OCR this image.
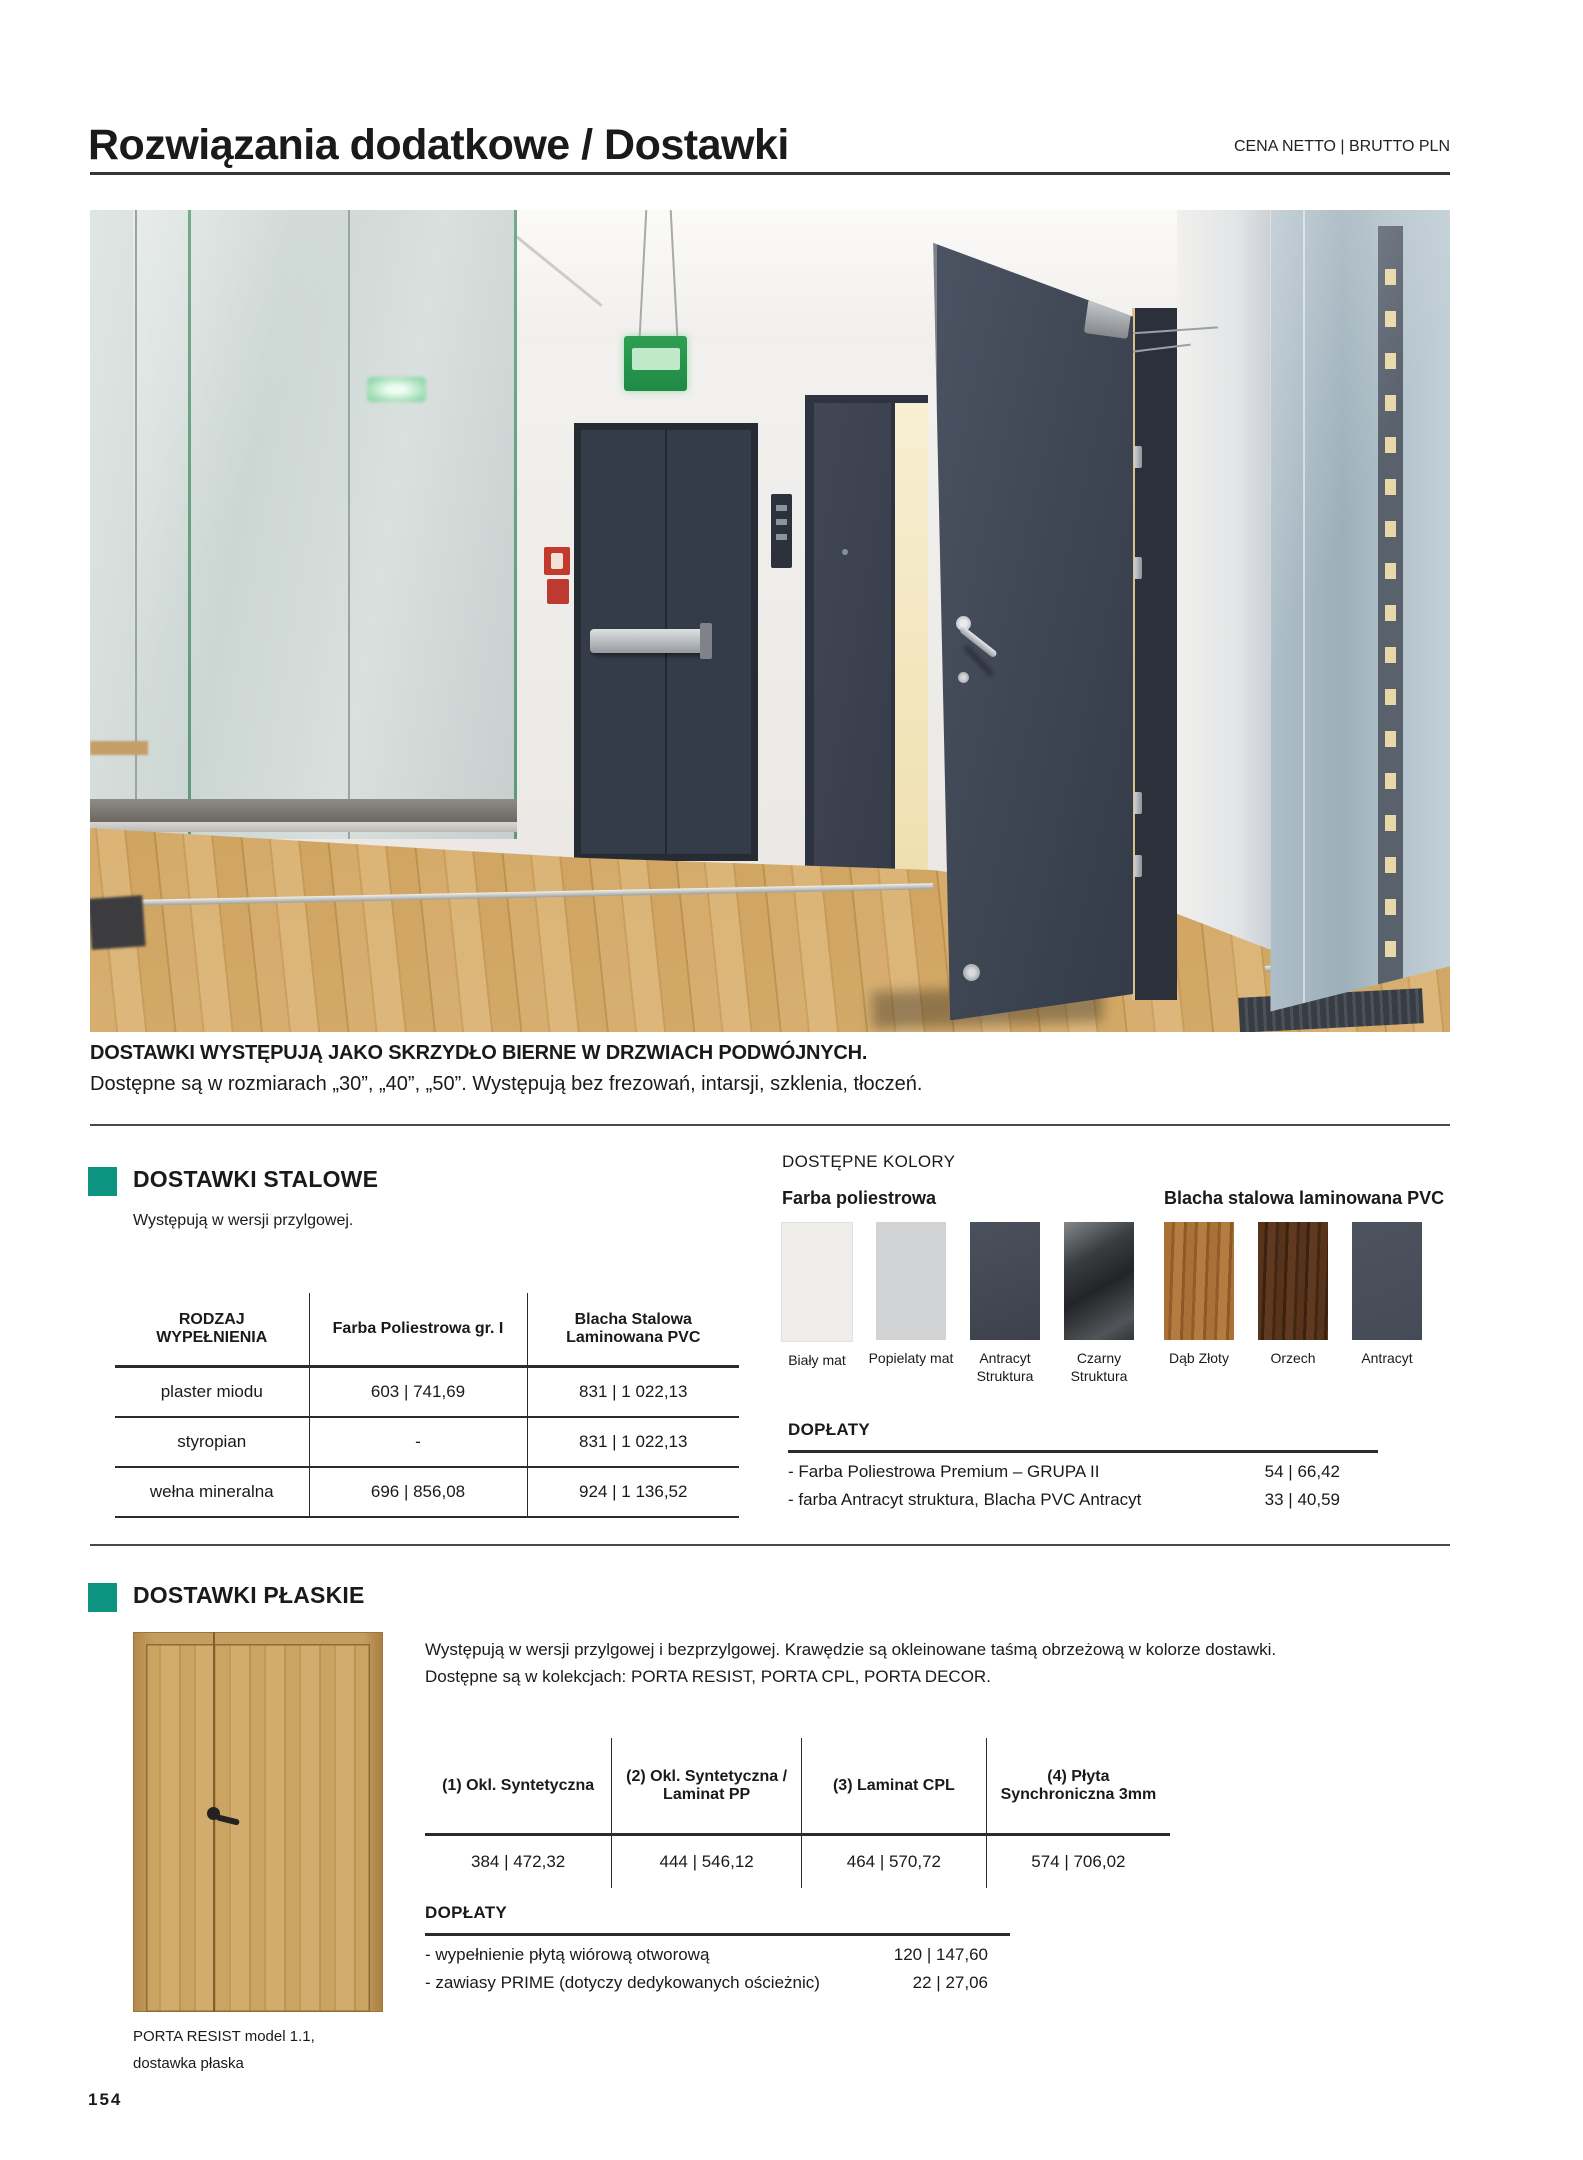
Rozwiązania dodatkowe / Dostawki	CENA NETTO | BRUTTO PLN
DOSTAWKI WYSTĘPUJĄ JAKO SKRZYDŁO BIERNE W DRZWIACH PODWÓJNYCH.
Dostępne są w rozmiarach „30”, „40”, „50”. Występują bez frezowań, intarsji, szklenia, tłoczeń.
DOSTAWKI STALOWE
Występują w wersji przylgowej.
RODZAJ WYPEŁNIENIA	Farba Poliestrowa gr. I	Blacha Stalowa Laminowana PVC
plaster miodu	603 | 741,69	831 | 1 022,13
styropian	-	831 | 1 022,13
wełna mineralna	696 | 856,08	924 | 1 136,52
DOSTĘPNE KOLORY
Farba poliestrowa
Biały mat Popielaty mat	Antracyt Struktura
Czarny Struktura
Blacha stalowa laminowana PVC
Dąb Złoty	Orzech	Antracyt
DOPŁATY
- Farba Poliestrowa Premium – GRUPA II	54 | 66,42
- farba Antracyt struktura, Blacha PVC Antracyt	33 | 40,59
DOSTAWKI PŁASKIE
PORTA RESIST model 1.1,
dostawka płaska
Występują w wersji przylgowej i bezprzylgowej. Krawędzie są okleinowane taśmą obrzeżową w kolorze dostawki.
Dostępne są w kolekcjach: PORTA RESIST, PORTA CPL, PORTA DECOR.
(1) Okl. Syntetyczna	(2) Okl. Syntetyczna / Laminat PP	(3) Laminat CPL	(4) Płyta Synchroniczna 3mm
384 | 472,32	444 | 546,12	464 | 570,72	574 | 706,02
DOPŁATY
- wypełnienie płytą wiórową otworową	120 | 147,60
- zawiasy PRIME (dotyczy dedykowanych ościeżnic)	22 | 27,06
154
